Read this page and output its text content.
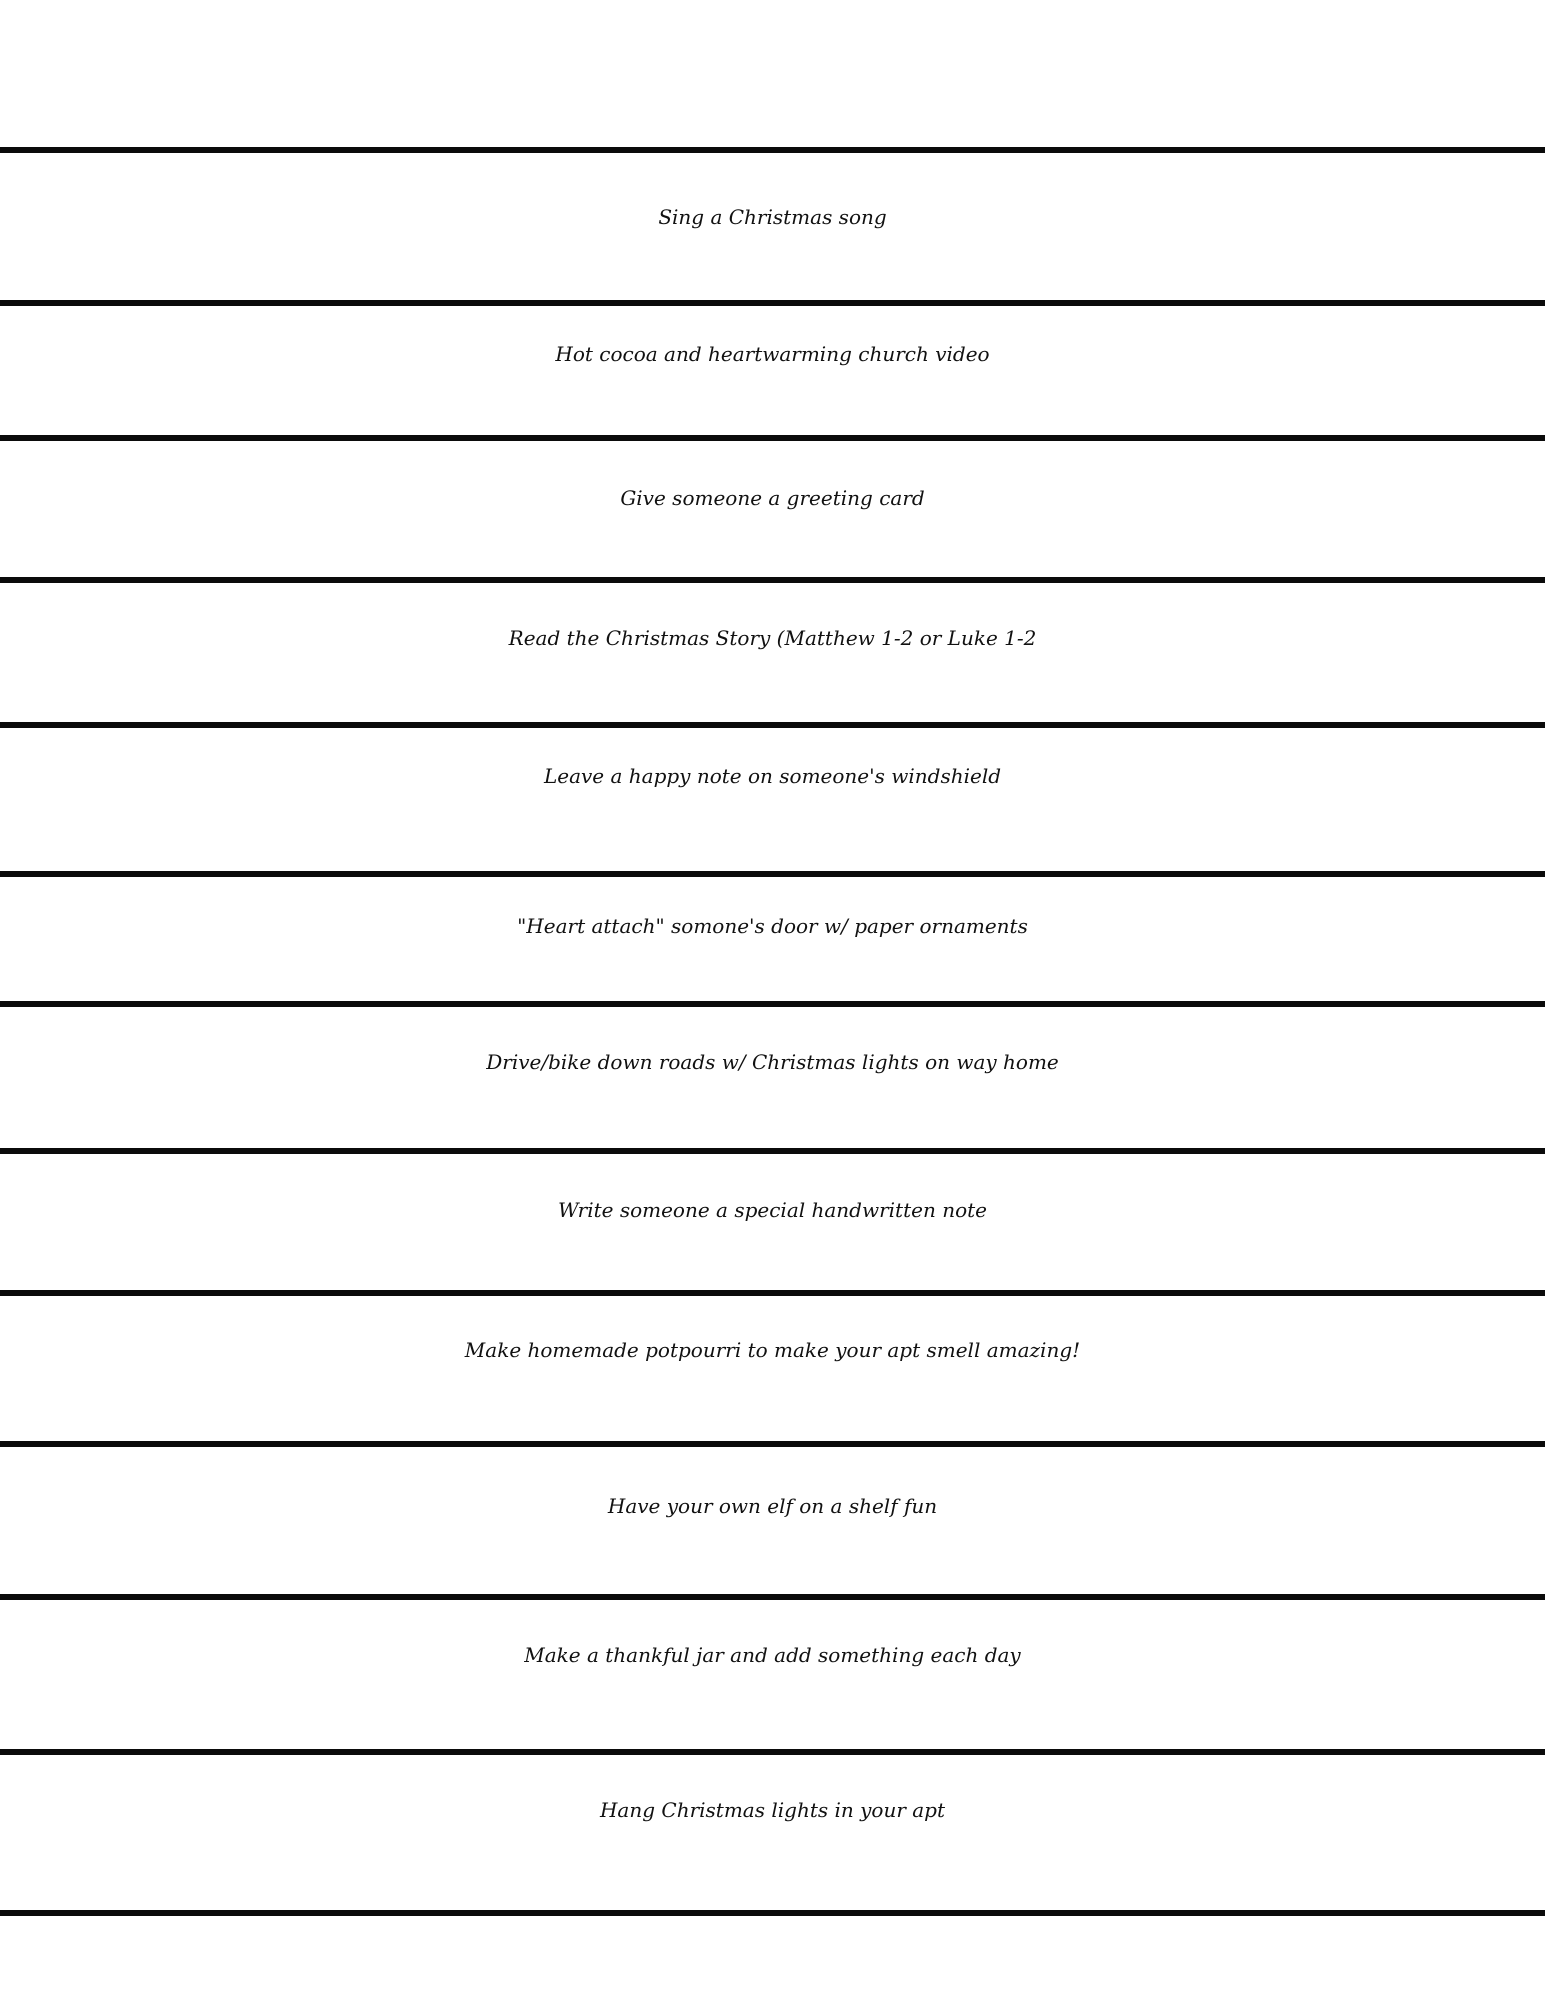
Sing a Christmas song
Hot cocoa and heartwarming church video
Give someone a greeting card
Read the Christmas Story (Matthew 1-2 or Luke 1-2
Leave a happy note on someone's windshield
"Heart attach" somone's door w/ paper ornaments
Drive/bike down roads w/ Christmas lights on way home
Write someone a special handwritten note
Make homemade potpourri to make your apt smell amazing!
Have your own elf on a shelf fun
Make a thankful jar and add something each day
Hang Christmas lights in your apt
